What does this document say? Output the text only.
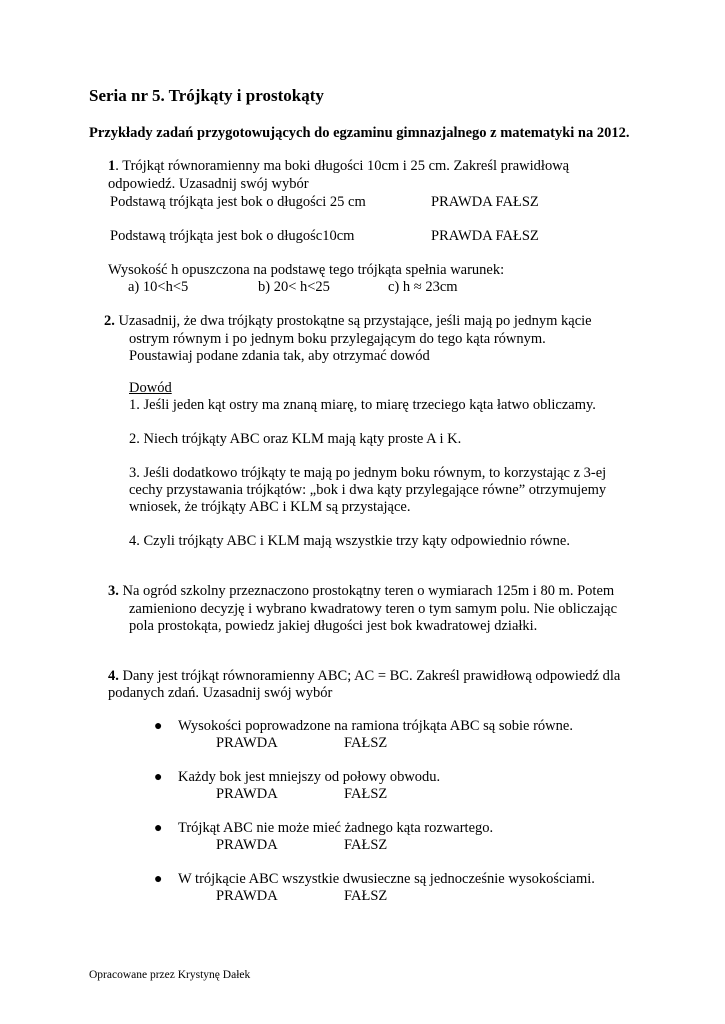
Seria nr 5. Trójkąty i prostokąty
Przykłady zadań przygotowujących do egzaminu gimnazjalnego z matematyki na 2012.
1. Trójkąt równoramienny ma boki długości 10cm i 25 cm. Zakreśl prawidłową
odpowiedź. Uzasadnij swój wybór
Podstawą trójkąta jest bok o długości 25 cm	PRAWDA FAŁSZ
Podstawą trójkąta jest bok o długośc10cm	PRAWDA FAŁSZ
Wysokość h opuszczona na podstawę tego trójkąta spełnia warunek:
a) 10<h<5	b) 20< h<25	c) h ≈ 23cm
2. Uzasadnij, że dwa trójkąty prostokątne są przystające, jeśli mają po jednym kącie
ostrym równym i po jednym boku przylegającym do tego kąta równym.
Poustawiaj podane zdania tak, aby otrzymać dowód
Dowód
1. Jeśli jeden kąt ostry ma znaną miarę, to miarę trzeciego kąta łatwo obliczamy.
2. Niech trójkąty ABC oraz KLM mają kąty proste A i K.
3. Jeśli dodatkowo trójkąty te mają po jednym boku równym, to korzystając z 3-ej
cechy przystawania trójkątów: „bok i dwa kąty przylegające równe” otrzymujemy
wniosek, że trójkąty ABC i KLM są przystające.
4. Czyli trójkąty ABC i KLM mają wszystkie trzy kąty odpowiednio równe.
3. Na ogród szkolny przeznaczono prostokątny teren o wymiarach 125m i 80 m. Potem
zamieniono decyzję i wybrano kwadratowy teren o tym samym polu. Nie obliczając
pola prostokąta, powiedz jakiej długości jest bok kwadratowej działki.
4. Dany jest trójkąt równoramienny ABC; AC = BC. Zakreśl prawidłową odpowiedź dla
podanych zdań. Uzasadnij swój wybór
● Wysokości poprowadzone na ramiona trójkąta ABC są sobie równe.
PRAWDA	FAŁSZ
● Każdy bok jest mniejszy od połowy obwodu.
PRAWDA	FAŁSZ
● Trójkąt ABC nie może mieć żadnego kąta rozwartego.
PRAWDA	FAŁSZ
● W trójkącie ABC wszystkie dwusieczne są jednocześnie wysokościami.
PRAWDA	FAŁSZ
Opracowane przez Krystynę Dałek
